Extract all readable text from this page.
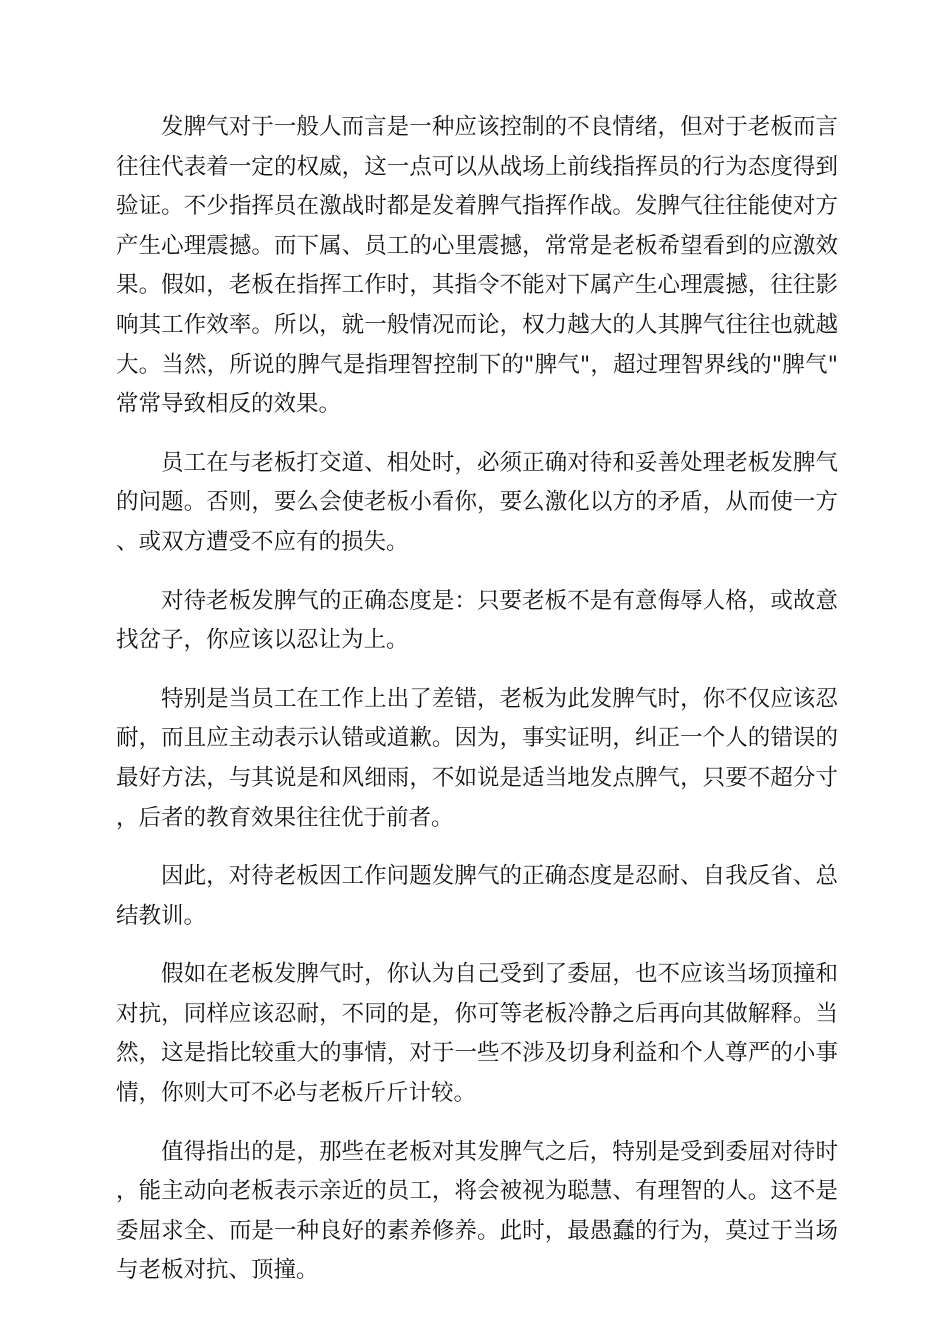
发脾气对于一般人而言是一种应该控制的不良情绪，但对于老板而言往往代表着一定的权威，这一点可以从战场上前线指挥员的行为态度得到验证。不少指挥员在激战时都是发着脾气指挥作战。发脾气往往能使对方产生心理震撼。而下属、员工的心里震撼，常常是老板希望看到的应激效果。假如，老板在指挥工作时，其指令不能对下属产生心理震撼，往往影响其工作效率。所以，就一般情况而论，权力越大的人其脾气往往也就越大。当然，所说的脾气是指理智控制下的"脾气"，超过理智界线的"脾气"常常导致相反的效果。

员工在与老板打交道、相处时，必须正确对待和妥善处理老板发脾气的问题。否则，要么会使老板小看你，要么激化以方的矛盾，从而使一方、或双方遭受不应有的损失。

对待老板发脾气的正确态度是：只要老板不是有意侮辱人格，或故意找岔子，你应该以忍让为上。

特别是当员工在工作上出了差错，老板为此发脾气时，你不仅应该忍耐，而且应主动表示认错或道歉。因为，事实证明，纠正一个人的错误的最好方法，与其说是和风细雨，不如说是适当地发点脾气，只要不超分寸，后者的教育效果往往优于前者。

因此，对待老板因工作问题发脾气的正确态度是忍耐、自我反省、总结教训。

假如在老板发脾气时，你认为自己受到了委屈，也不应该当场顶撞和对抗，同样应该忍耐，不同的是，你可等老板冷静之后再向其做解释。当然，这是指比较重大的事情，对于一些不涉及切身利益和个人尊严的小事情，你则大可不必与老板斤斤计较。

值得指出的是，那些在老板对其发脾气之后，特别是受到委屈对待时，能主动向老板表示亲近的员工，将会被视为聪慧、有理智的人。这不是委屈求全、而是一种良好的素养修养。此时，最愚蠢的行为，莫过于当场与老板对抗、顶撞。
